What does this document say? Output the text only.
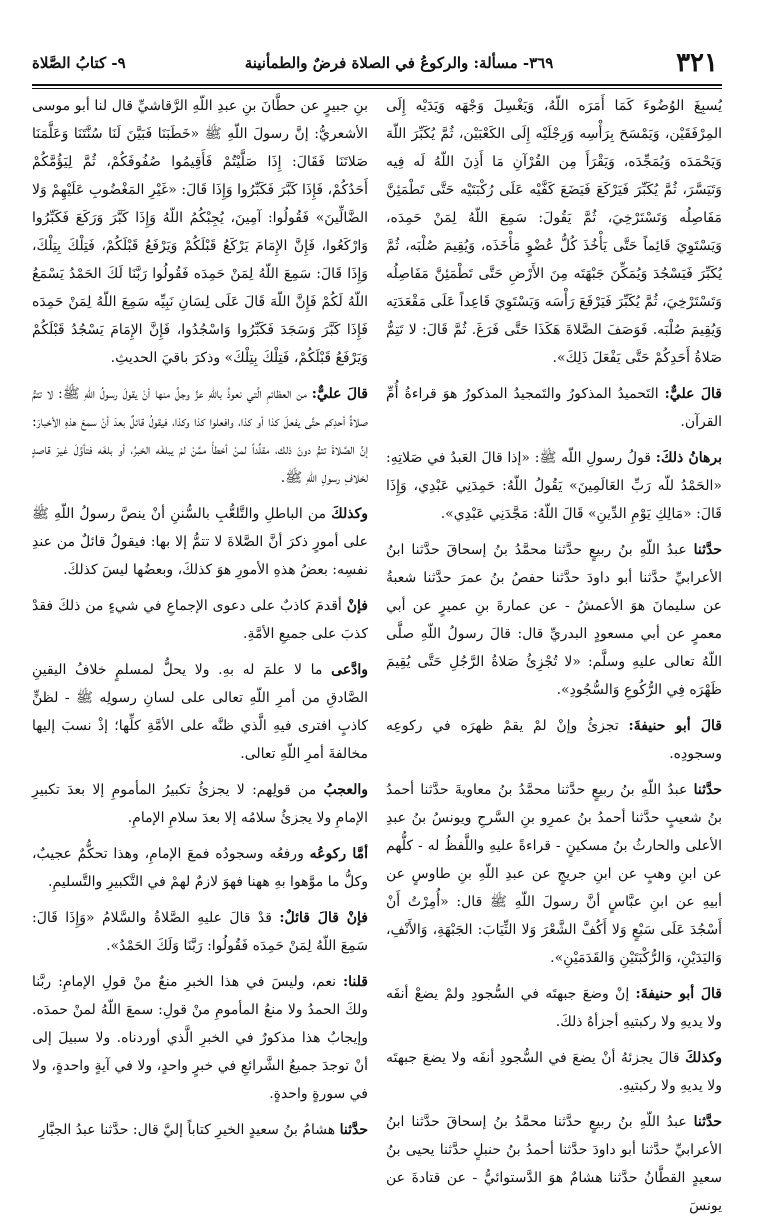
٣٢١
٣٦٩- مسألة: والركوعُ في الصلاة فرضٌ والطمأنينة
٩- كتابُ الصَّلاة

يُسبِغَ الوُضُوءَ كَمَا أَمَرَه اللّهُ، وَيَغْسِلَ وَجْهَه وَيَدَيْه إِلَى المِرْفَقَيْن، وَيَمْسَحَ بِرَأْسِه وَرِجْلَيْه إِلَى الكَعْبَيْن، ثُمَّ يُكَبِّرَ اللّهَ وَيَحْمَدَه وَيُمَجِّدَه، وَيَقْرَأَ مِن القُرْآنِ مَا أَذِنَ اللّهُ لَه فِيه وَتَيَسَّرَ، ثُمَّ يُكَبِّرَ فَيَرْكَعَ فَيَضَعَ كَفَّيْه عَلَى رُكْبَتَيْه حَتَّى تَطْمَئِنَّ مَفَاصِلُه وَتَسْتَرْخِيَ، ثُمَّ يَقُولَ: سَمِعَ اللّهُ لِمَنْ حَمِدَه، وَيَسْتَوِيَ قَائِماً حَتَّى يَأْخُذَ كُلُّ عُضْوٍ مَأْخَذَه، وَيُقِيمَ صُلْبَه، ثُمَّ يُكَبِّرَ فَيَسْجُدَ وَيُمَكِّنَ جَبْهَتَه مِنَ الأَرْضِ حَتَّى تَطْمَئِنَّ مَفَاصِلُه وَتَسْتَرْخِيَ، ثُمَّ يُكَبِّرَ فَيَرْفَعَ رَأْسَه وَيَسْتَوِيَ قَاعِداً عَلَى مَقْعَدَتِه وَيُقِيمَ صُلْبَه. فَوَصَفَ الصَّلاةَ هَكَذَا حَتَّى فَرَغَ. ثُمَّ قَالَ: لا تَتِمُّ صَلاةُ أَحَدِكُمْ حَتَّى يَفْعَلَ ذَلِكَ».

قالَ عليٌّ: التَحميدُ المذكورُ والتَمجيدُ المذكورُ هوَ قراءةُ أُمِّ القرآن.

برهانُ ذلكَ: قولُ رسولِ اللّه ﷺ: «إذا قالَ العَبدُ في صَلاتِهِ: «الحَمْدُ للّه رَبِّ العَالَمِينَ» يَقُولُ اللّهُ: حَمِدَنِي عَبْدِي، وَإِذَا قَالَ: «مَالِكِ يَوْمِ الدِّينِ» قَالَ اللّهُ: مَجَّدَنِي عَبْدِي».

حدَّثنا عبدُ اللّهِ بنُ ربيعٍ حدَّثنا محمَّدُ بنُ إسحاقَ حدَّثنا ابنُ الأعرابيِّ حدَّثنا أبو داودَ حدَّثنا حفصُ بنُ عمرَ حدَّثنا شعبةُ عن سليمانَ هوَ الأعمشُ - عن عمارةَ بنِ عميرٍ عن أبي معمرٍ عن أبي مسعودٍ البدريِّ قال: قالَ رسولُ اللّهِ صلَّى اللّهُ تعالى عليهِ وسلَّم: «لا تُجْزِئُ صَلاةُ الرَّجُلِ حَتَّى يُقِيمَ ظَهْرَه فِي الرُّكُوعِ وَالسُّجُودِ».

قالَ أبو حنيفةَ: تجزئُ وإنْ لمْ يقمْ ظهرَه في ركوعِه وسجودِه.

حدَّثنا عبدُ اللّهِ بنُ ربيعٍ حدَّثنا محمَّدُ بنُ معاويةَ حدَّثنا أحمدُ بنُ شعيبٍ حدَّثنا أحمدُ بنُ عمرِو بنِ السَّرحِ ويونسُ بنُ عبدِ الأعلى والحارثُ بنُ مسكينٍ - قراءةً عليهِ واللَّفظُ له - كلُّهم عن ابنِ وهبٍ عن ابنِ جريجٍ عن عبدِ اللّهِ بنِ طاوسٍ عن أبيهِ عن ابنِ عبَّاسٍ أنَّ رسولَ اللّهِ ﷺ قال: «أُمِرْتُ أَنْ أَسْجُدَ عَلَى سَبْعٍ وَلا أَكُفَّ الشَّعْرَ وَلا الثِّيَابَ: الجَبْهَةِ، وَالأَنْفِ، وَاليَدَيْنِ، وَالرُّكْبَتَيْنِ وَالقَدَمَيْنِ».

قالَ أبو حنيفةَ: إنْ وضعَ جبهتَه في السُّجودِ ولمْ يضعْ أنفَه ولا يديهِ ولا ركبتيهِ أجزأهُ ذلكَ.

وكذلكَ قالَ يجزئهُ أنْ يضعَ في السُّجودِ أنفَه ولا يضعَ جبهتَه ولا يديهِ ولا ركبتيهِ.

حدَّثنا عبدُ اللّهِ بنُ ربيعٍ حدَّثنا محمَّدُ بنُ إسحاقَ حدَّثنا ابنُ الأعرابيِّ حدَّثنا أبو داودَ حدَّثنا أحمدُ بنُ حنبلٍ حدَّثنا يحيى بنُ سعيدٍ القطَّانُ حدَّثنا هشامٌ هوَ الدَّستوائيُّ - عن قتادةَ عن يونسَ

بنِ جبيرٍ عن حطَّانَ بنِ عبدِ اللّهِ الرَّقاشيِّ قال لنا أبو موسى الأشعريُّ: إنَّ رسولَ اللّهِ ﷺ «خَطَبَنَا فَبَيَّنَ لَنَا سُنَّتَنَا وَعَلَّمَنَا صَلاتَنَا فَقَالَ: إِذَا صَلَّيْتُمْ فَأَقِيمُوا صُفُوفَكُمْ، ثُمَّ لِيَؤُمَّكُمْ أَحَدُكُمْ، فَإِذَا كَبَّرَ فَكَبِّرُوا وَإِذَا قَالَ: «غَيْرِ المَغْضُوبِ عَلَيْهِمْ وَلا الضَّالِّينَ» فَقُولُوا: آمِينَ، يُجِبْكُمُ اللّهُ وَإِذَا كَبَّرَ وَرَكَعَ فَكَبِّرُوا وَارْكَعُوا، فَإِنَّ الإِمَامَ يَرْكَعُ قَبْلَكُمْ وَيَرْفَعُ قَبْلَكُمْ، فَتِلْكَ بِتِلْكَ، وَإِذَا قَالَ: سَمِعَ اللّهُ لِمَنْ حَمِدَه فَقُولُوا رَبَّنَا لَكَ الحَمْدُ يَسْمَعُ اللّهُ لَكُمْ فَإِنَّ اللّهَ قَالَ عَلَى لِسَانِ نَبِيِّه سَمِعَ اللّهُ لِمَنْ حَمِدَه فَإِذَا كَبَّرَ وَسَجَدَ فَكَبِّرُوا وَاسْجُدُوا، فَإِنَّ الإِمَامَ يَسْجُدُ قَبْلَكُمْ وَيَرْفَعُ قَبْلَكُمْ، فَتِلْكَ بِتِلْكَ» وذكرَ باقيَ الحديثِ.

قالَ عليٌّ: من العظائمِ الَّتي نعوذُ باللّهِ عزَّ وجلَّ منها أنْ يقولَ رسولُ اللّهِ ﷺ: لا تتمُّ صلاةُ أحدِكم حتَّى يفعلَ كذا أو كذا، وافعلوا كذا وكذا، فيقولُ قائلٌ بعدَ أنْ سمعَ هذهِ الأخبارَ: إنَّ الصَّلاةَ تتمُّ دونَ ذلك، مقلِّداً لمنْ أخطأَ ممَّنْ لمْ يبلغْه الخبرُ، أو بلغَه فتأوَّلَ غيرَ قاصدٍ لخلافِ رسولِ اللّهِ ﷺ.

وكذلكَ من الباطلِ والتَّلعُّبِ بالسُّننِ أنْ ينصَّ رسولُ اللّهِ ﷺ على أمورٍ ذكرَ أنَّ الصَّلاةَ لا تتمُّ إلا بها: فيقولُ قائلٌ من عندِ نفسِه: بعضُ هذهِ الأمورِ هوَ كذلكَ، وبعضُها ليسَ كذلكَ.

فإنْ أقدمَ كاذبٌ على دعوى الإجماعِ في شيءٍ من ذلكَ فقدْ كذبَ على جميعِ الأمَّةِ.

وادَّعى ما لا علمَ له بهِ. ولا يحلُّ لمسلمٍ خلافُ اليقينِ الصَّادقِ من أمرِ اللّهِ تعالى على لسانِ رسولِه ﷺ - لظنٍّ كاذبٍ افترى فيهِ الَّذي ظنَّه على الأمَّةِ كلِّها؛ إذْ نسبَ إليها مخالفةَ أمرِ اللّهِ تعالى.

والعجبُ من قولِهم: لا يجزئُ تكبيرُ المأمومِ إلا بعدَ تكبيرِ الإمامِ ولا يجزئُ سلامُه إلا بعدَ سلامِ الإمامِ.

أمَّا ركوعُه ورفعُه وسجودُه فمعَ الإمامِ، وهذا تحكُّمٌ عجيبٌ، وكلُّ ما موَّهوا بهِ ههنا فهوَ لازمٌ لهمْ في التَّكبيرِ والتَّسليمِ.

فإنْ قالَ قائلٌ: قدْ قالَ عليهِ الصَّلاةُ والسَّلامُ «وَإِذَا قَالَ: سَمِعَ اللّهُ لِمَنْ حَمِدَه فَقُولُوا: رَبَّنَا وَلَكَ الحَمْدُ».

قلنا: نعم، وليسَ في هذا الخبرِ منعٌ منْ قولِ الإمامِ: ربَّنا ولكَ الحمدُ ولا منعُ المأمومِ منْ قولِ: سمعَ اللّهُ لمنْ حمدَه. وإيجابُ هذا مذكورٌ في الخبرِ الَّذي أوردناه. ولا سبيلَ إلى أنْ توجدَ جميعُ الشَّرائعِ في خبرٍ واحدٍ، ولا في آيةٍ واحدةٍ، ولا في سورةٍ واحدةٍ.

حدَّثنا هشامُ بنُ سعيدٍ الخيرِ كتاباً إليَّ قال: حدَّثنا عبدُ الجبَّارِ
